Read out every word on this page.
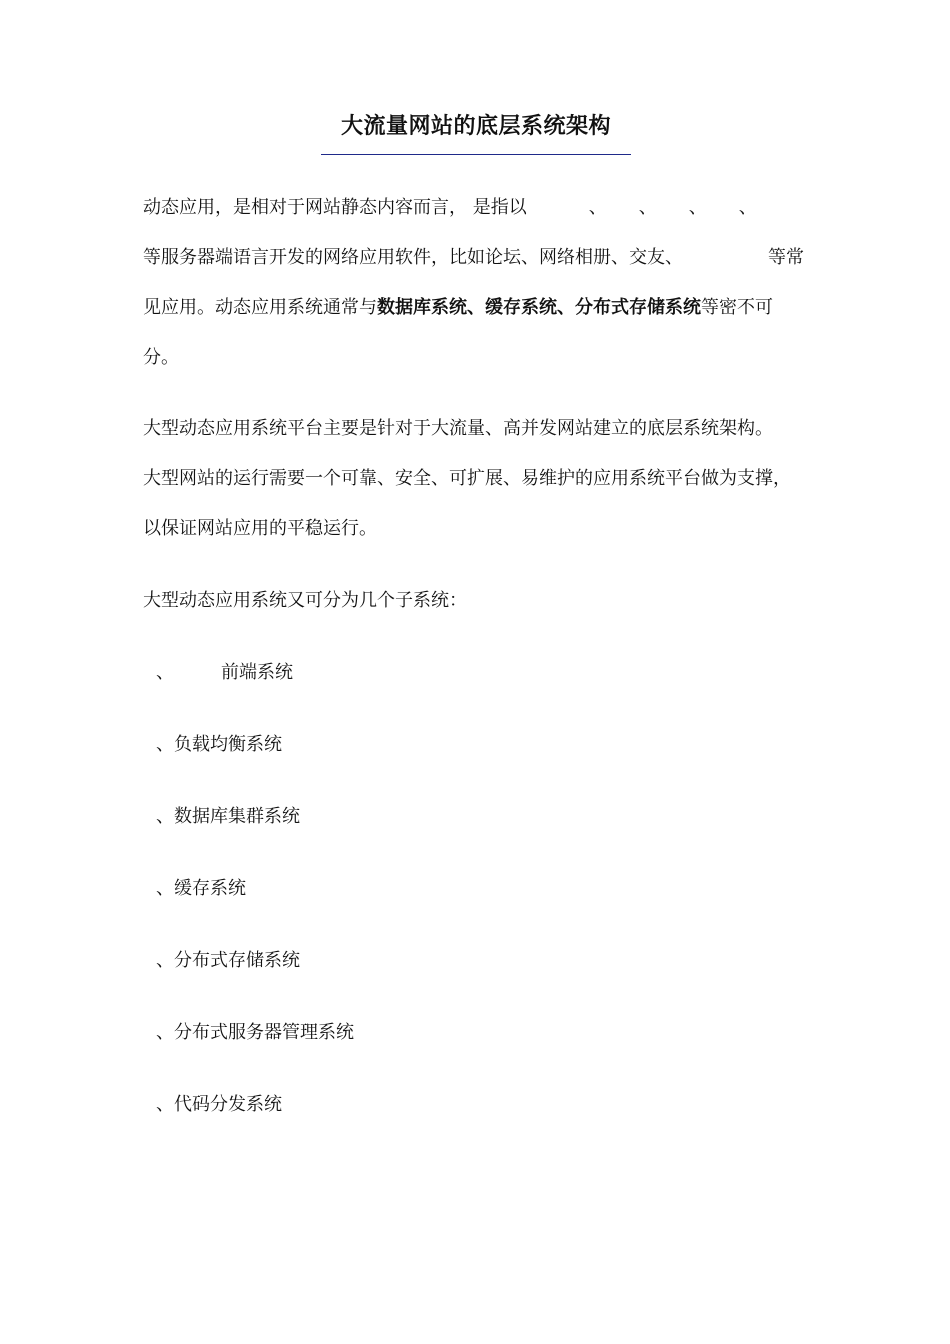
大流量网站的底层系统架构

动态应用，是相对于网站静态内容而言， 是指以	、 、 、 、

等服务器端语言开发的网络应用软件，比如论坛、网络相册、交友、	等常

见应用。动态应用系统通常与数据库系统、缓存系统、分布式存储系统等密不可

分。

大型动态应用系统平台主要是针对于大流量、高并发网站建立的底层系统架构。

大型网站的运行需要一个可靠、安全、可扩展、易维护的应用系统平台做为支撑，

以保证网站应用的平稳运行。

大型动态应用系统又可分为几个子系统：

、	前端系统

、负载均衡系统

、数据库集群系统

、缓存系统

、分布式存储系统

、分布式服务器管理系统

、代码分发系统
